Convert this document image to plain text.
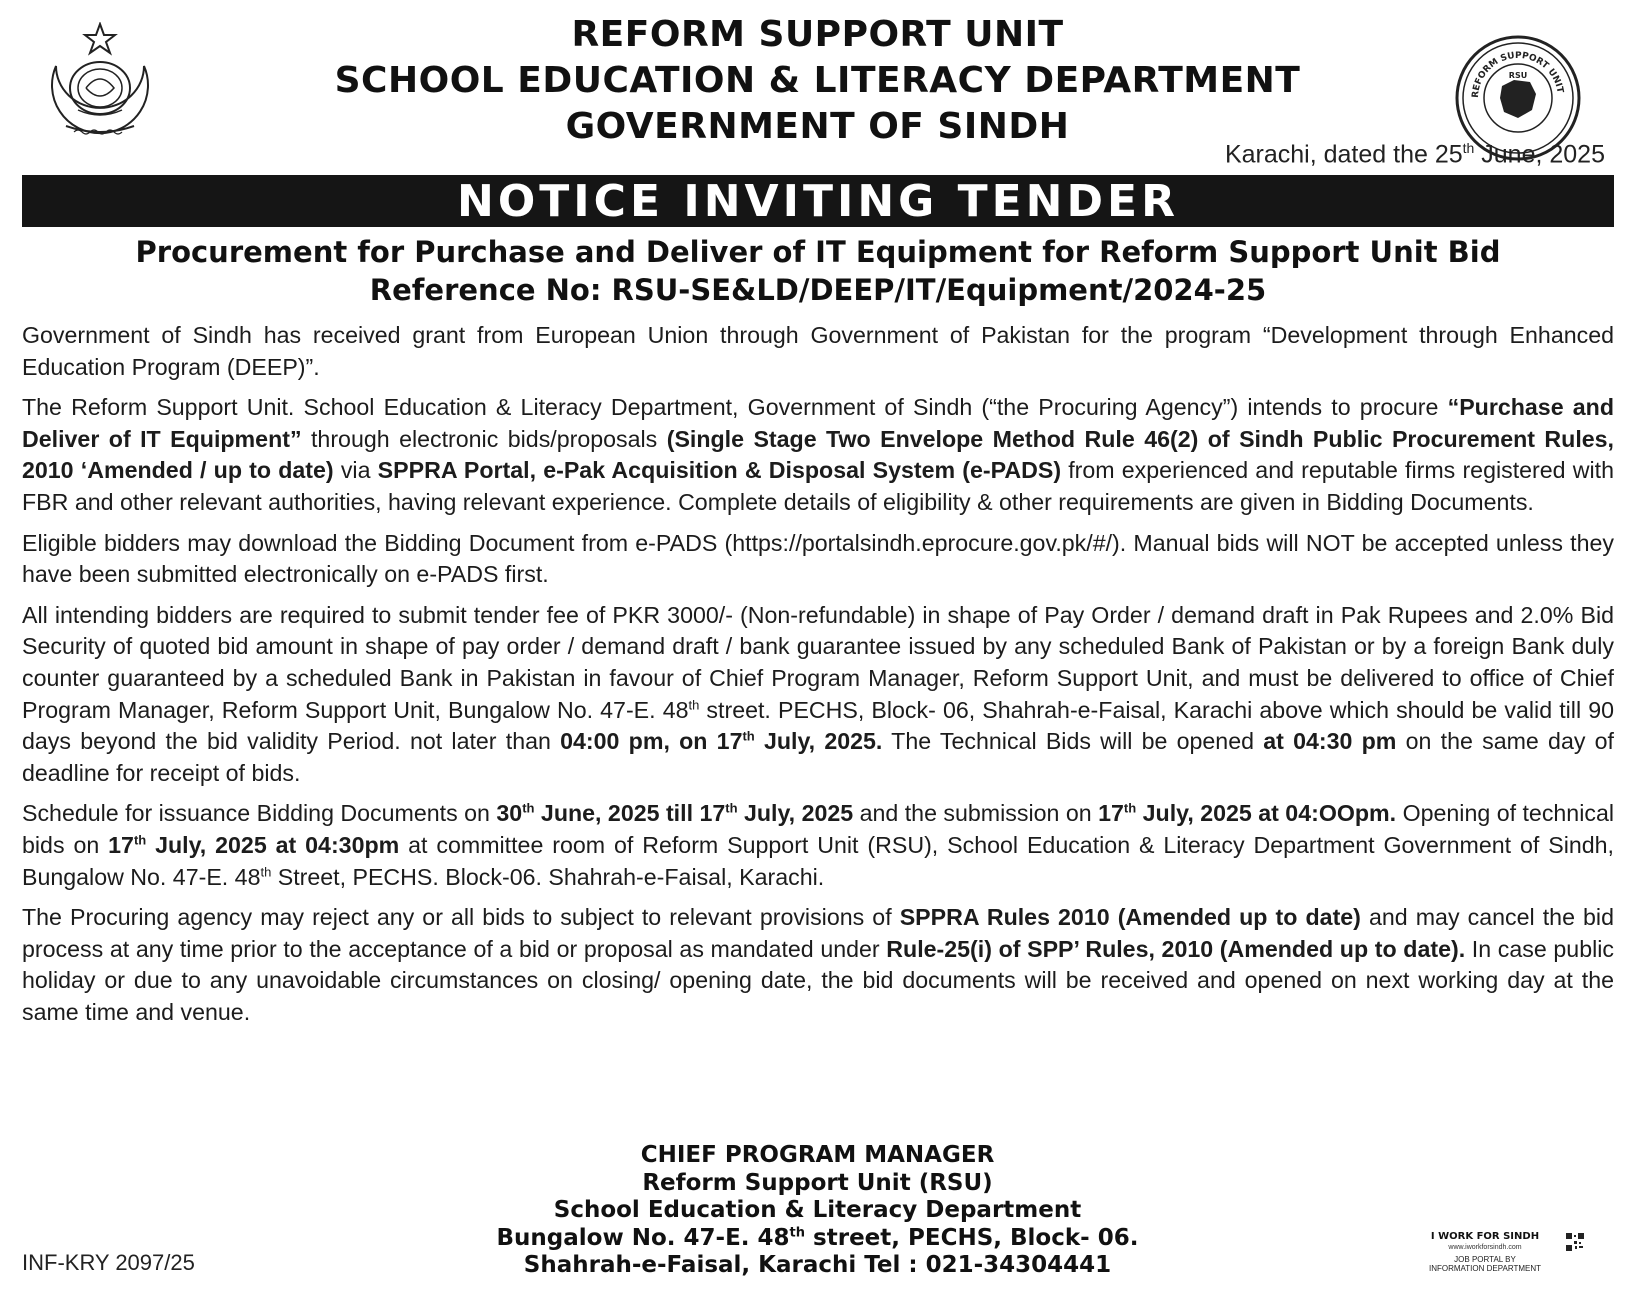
REFORM SUPPORT UNIT
SCHOOL EDUCATION & LITERACY DEPARTMENT
GOVERNMENT OF SINDH
REFORM SUPPORT UNIT
RSU
Karachi, dated the 25th June, 2025
NOTICE INVITING TENDER
Procurement for Purchase and Deliver of IT Equipment for Reform Support Unit Bid
Reference No: RSU-SE&LD/DEEP/IT/Equipment/2024-25

Government of Sindh has received grant from European Union through Government of Pakistan for the program “Development through Enhanced Education Program (DEEP)”.

The Reform Support Unit. School Education & Literacy Department, Government of Sindh (“the Procuring Agency”) intends to procure “Purchase and Deliver of IT Equipment” through electronic bids/proposals (Single Stage Two Envelope Method Rule 46(2) of Sindh Public Procurement Rules, 2010 ‘Amended / up to date) via SPPRA Portal, e-Pak Acquisition & Disposal System (e-PADS) from experienced and reputable firms registered with FBR and other relevant authorities, having relevant experience. Complete details of eligibility & other requirements are given in Bidding Documents.

Eligible bidders may download the Bidding Document from e-PADS (https://portalsindh.eprocure.gov.pk/#/). Manual bids will NOT be accepted unless they have been submitted electronically on e-PADS first.

All intending bidders are required to submit tender fee of PKR 3000/- (Non-refundable) in shape of Pay Order / demand draft in Pak Rupees and 2.0% Bid Security of quoted bid amount in shape of pay order / demand draft / bank guarantee issued by any scheduled Bank of Pakistan or by a foreign Bank duly counter guaranteed by a scheduled Bank in Pakistan in favour of Chief Program Manager, Reform Support Unit, and must be delivered to office of Chief Program Manager, Reform Support Unit, Bungalow No. 47-E. 48th street. PECHS, Block- 06, Shahrah-e-Faisal, Karachi above which should be valid till 90 days beyond the bid validity Period. not later than 04:00 pm, on 17th July, 2025. The Technical Bids will be opened at 04:30 pm on the same day of deadline for receipt of bids.

Schedule for issuance Bidding Documents on 30th June, 2025 till 17th July, 2025 and the submission on 17th July, 2025 at 04:OOpm. Opening of technical bids on 17th July, 2025 at 04:30pm at committee room of Reform Support Unit (RSU), School Education & Literacy Department Government of Sindh, Bungalow No. 47-E. 48th Street, PECHS. Block-06. Shahrah-e-Faisal, Karachi.

The Procuring agency may reject any or all bids to subject to relevant provisions of SPPRA Rules 2010 (Amended up to date) and may cancel the bid process at any time prior to the acceptance of a bid or proposal as mandated under Rule-25(i) of SPP’ Rules, 2010 (Amended up to date). In case public holiday or due to any unavoidable circumstances on closing/ opening date, the bid documents will be received and opened on next working day at the same time and venue.

CHIEF PROGRAM MANAGER
Reform Support Unit (RSU)
School Education & Literacy Department
Bungalow No. 47-E. 48th street, PECHS, Block- 06.
Shahrah-e-Faisal, Karachi Tel : 021-34304441
INF-KRY 2097/25
I WORK FOR SINDH
www.iworkforsindh.com
JOB PORTAL BY
INFORMATION DEPARTMENT
